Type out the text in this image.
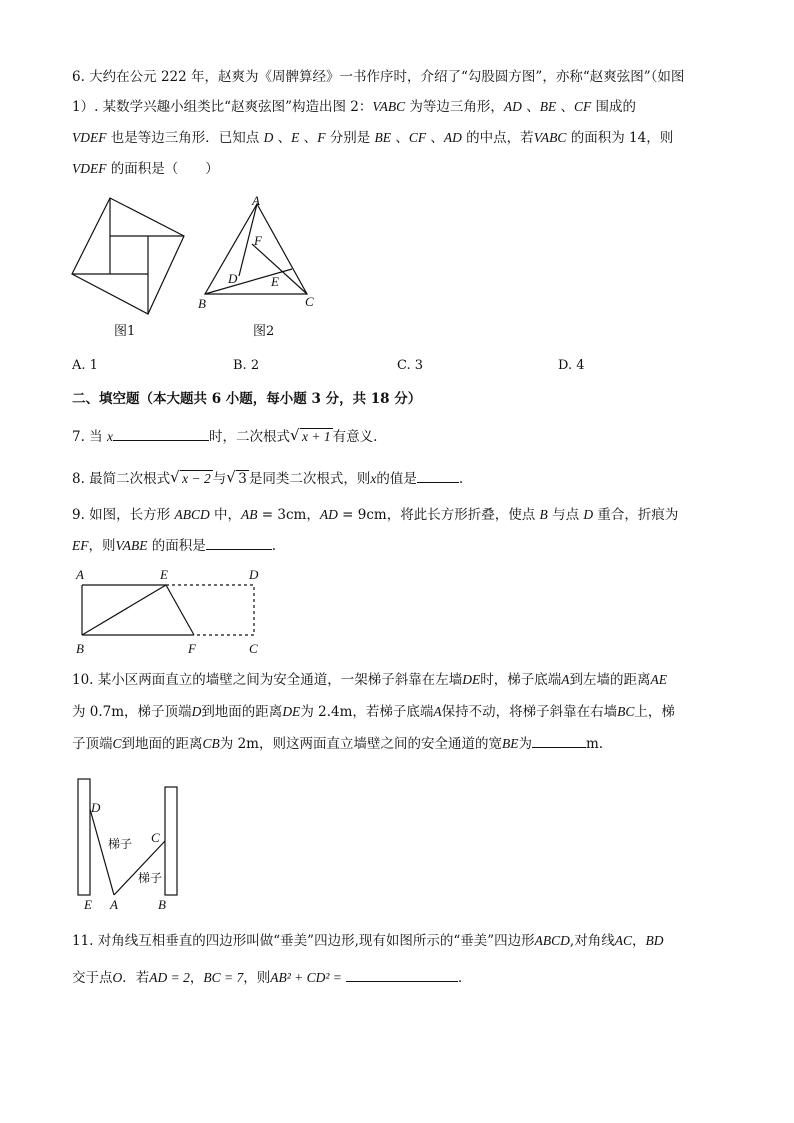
6. 大约在公元 222 年，赵爽为《周髀算经》一书作序时，介绍了“勾股圆方图”，亦称“赵爽弦图”（如图
1）. 某数学兴趣小组类比“赵爽弦图”构造出图 2：VABC 为等边三角形，AD 、BE 、CF 围成的
VDEF 也是等边三角形．已知点 D 、E 、F 分别是 BE 、CF 、AD 的中点，若VABC 的面积为 14，则
VDEF 的面积是（　　）
图1
A
B	C
D	E
F
图2
A. 1	B. 2	C. 3	D. 4
二、填空题（本大题共 6 小题，每小题 3 分，共 18 分）
7. 当 x	时，二次根式 √ x + 1 有意义.
8. 最简二次根式 √ x − 2 与 √ 3 是同类二次根式，则x的值是	.
9. 如图，长方形 ABCD 中，AB = 3cm，AD = 9cm，将此长方形折叠，使点 B 与点 D 重合，折痕为
EF，则VABE 的面积是	.
A	E	D
B	F	C
10. 某小区两面直立的墙壁之间为安全通道，一架梯子斜靠在左墙DE时，梯子底端A到左墙的距离AE
为 0.7m，梯子顶端D到地面的距离DE为 2.4m，若梯子底端A保持不动，将梯子斜靠在右墙BC上，梯
子顶端C到地面的距离CB为 2m，则这两面直立墙壁之间的安全通道的宽BE为	m.
D
C
E A	B
梯子
梯子
11. 对角线互相垂直的四边形叫做“垂美”四边形,现有如图所示的“垂美”四边形ABCD,对角线AC，BD
交于点O．若AD = 2，BC = 7，则AB² + CD² =	.
